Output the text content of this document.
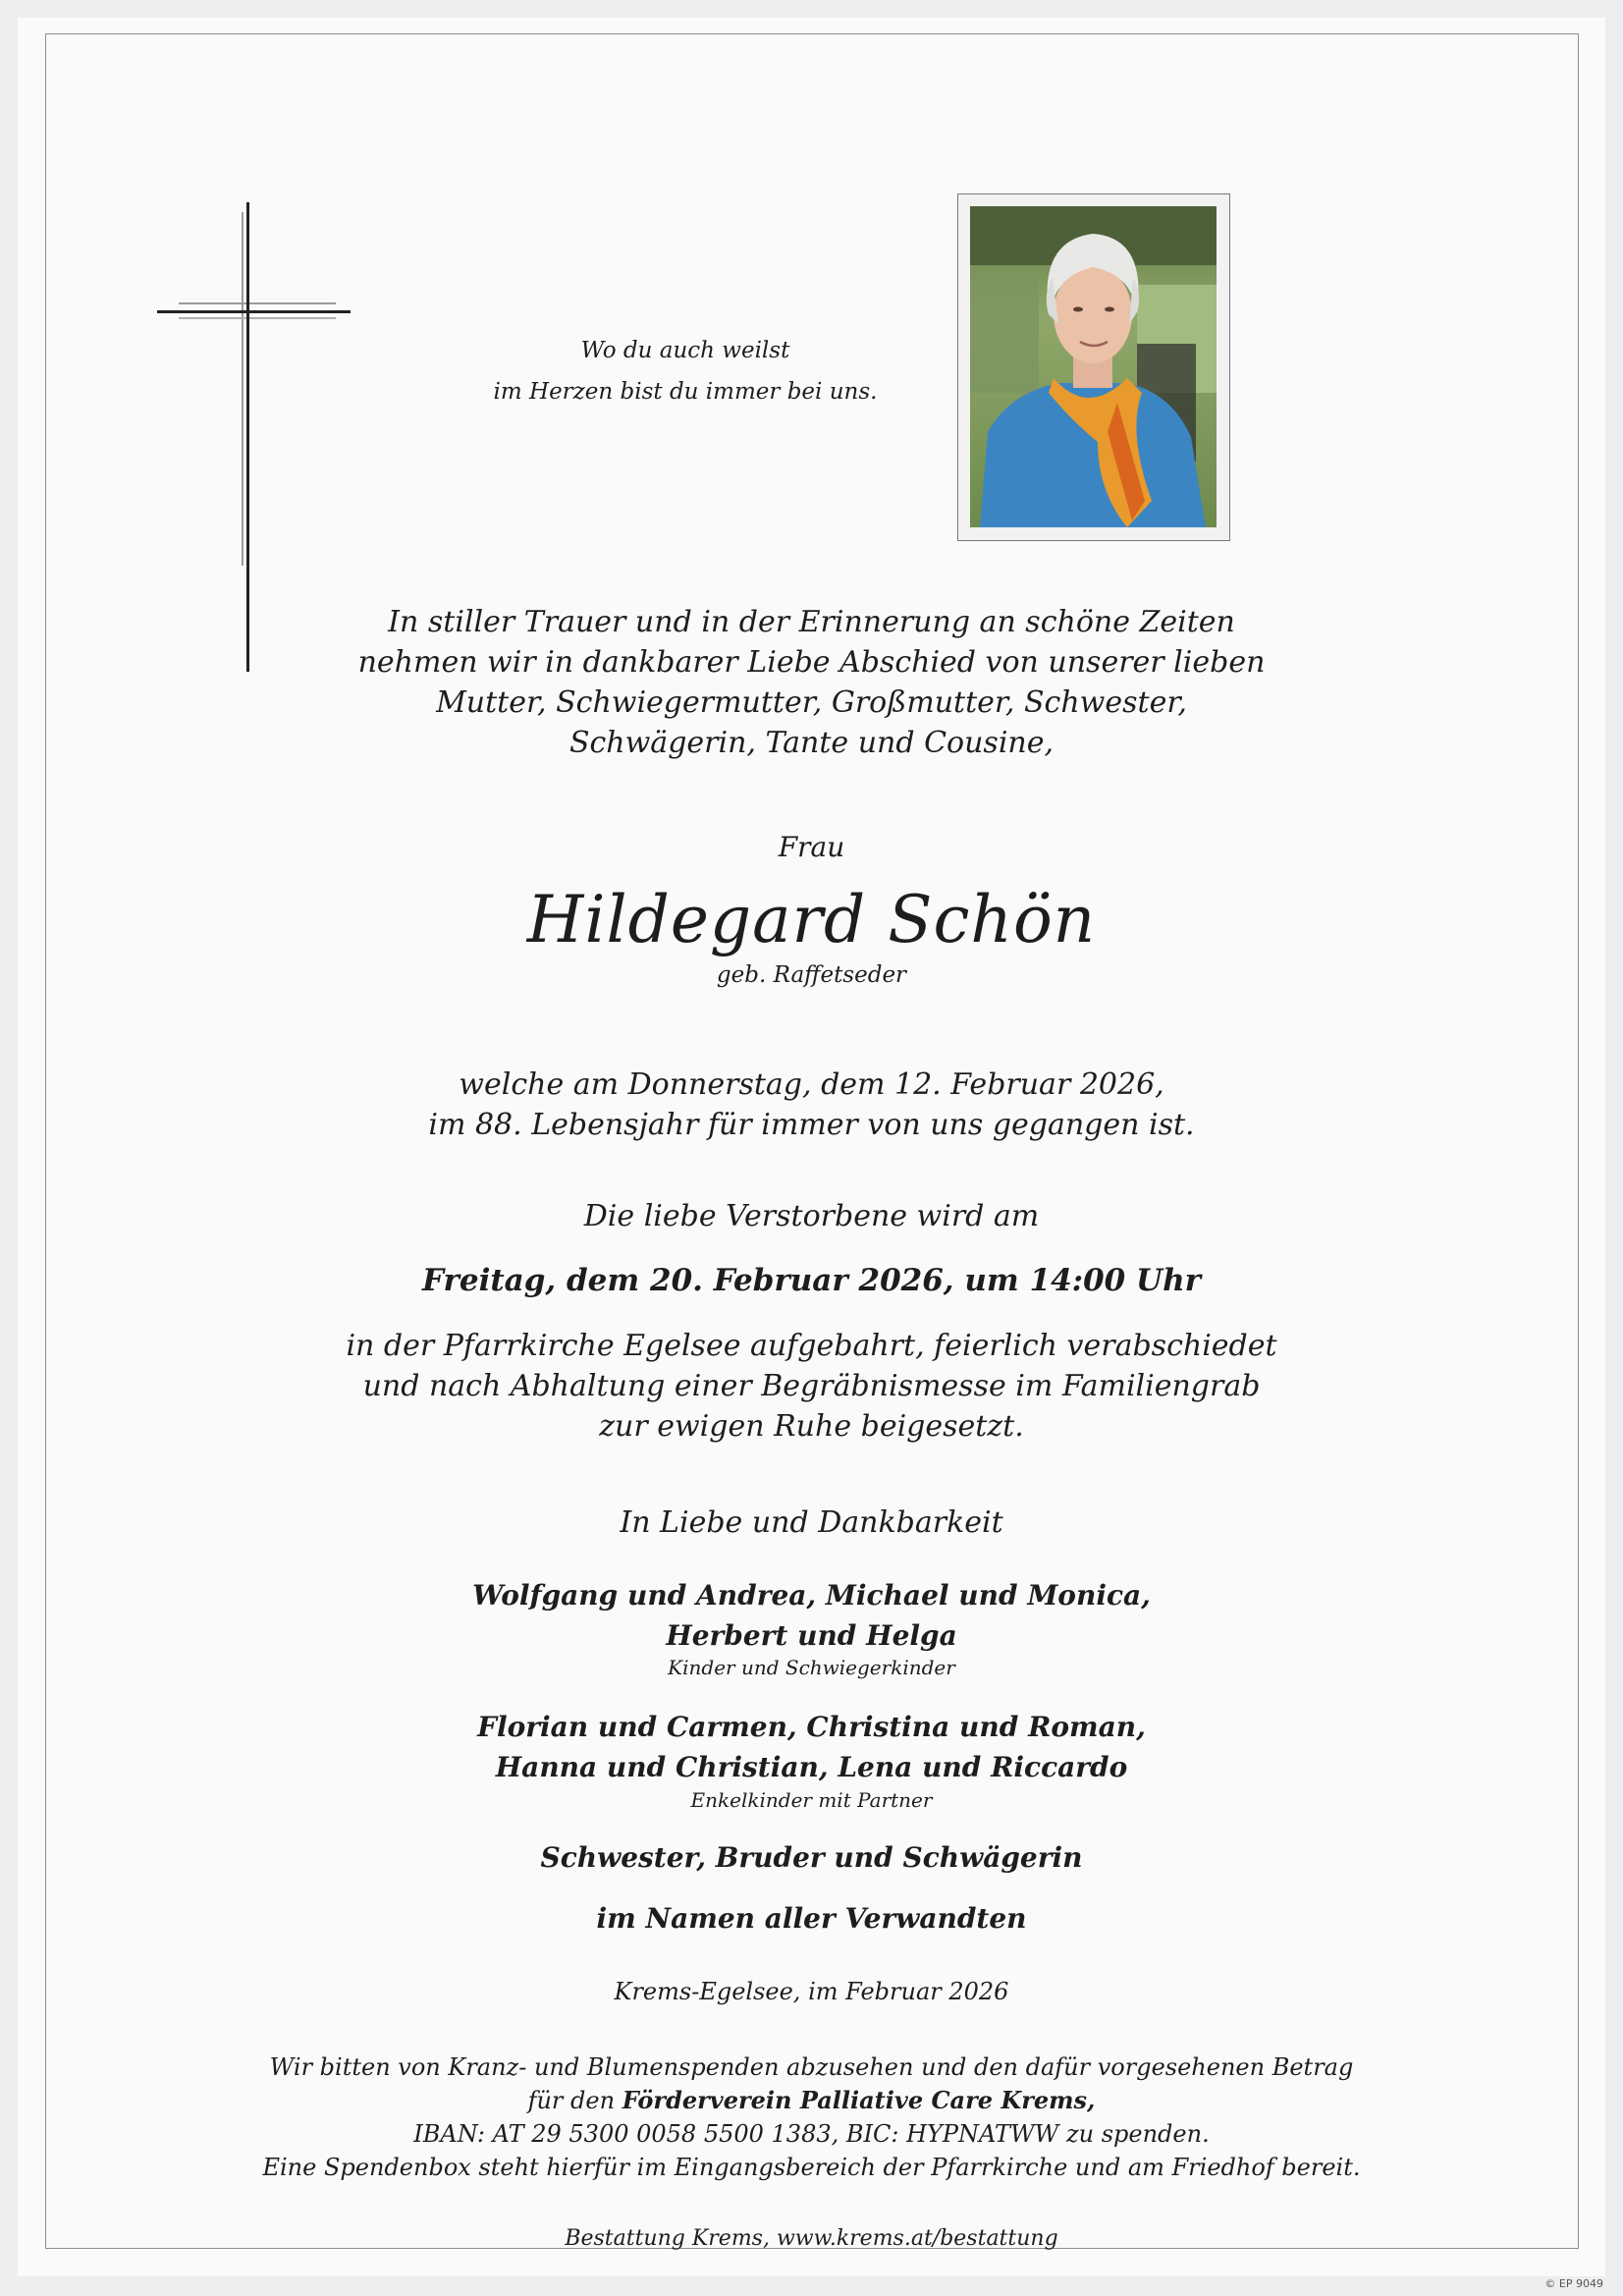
Wo du auch weilst
im Herzen bist du immer bei uns.
In stiller Trauer und in der Erinnerung an schöne Zeiten
nehmen wir in dankbarer Liebe Abschied von unserer lieben
Mutter, Schwiegermutter, Großmutter, Schwester,
Schwägerin, Tante und Cousine,
Frau
Hildegard Schön
geb. Raffetseder
welche am Donnerstag, dem 12. Februar 2026,
im 88. Lebensjahr für immer von uns gegangen ist.
Die liebe Verstorbene wird am
Freitag, dem 20. Februar 2026, um 14:00 Uhr
in der Pfarrkirche Egelsee aufgebahrt, feierlich verabschiedet
und nach Abhaltung einer Begräbnismesse im Familiengrab
zur ewigen Ruhe beigesetzt.
In Liebe und Dankbarkeit
Wolfgang und Andrea, Michael und Monica,
Herbert und Helga
Kinder und Schwiegerkinder
Florian und Carmen, Christina und Roman,
Hanna und Christian, Lena und Riccardo
Enkelkinder mit Partner
Schwester, Bruder und Schwägerin
im Namen aller Verwandten
Krems-Egelsee, im Februar 2026
Wir bitten von Kranz- und Blumenspenden abzusehen und den dafür vorgesehenen Betrag
für den Förderverein Palliative Care Krems,
IBAN: AT 29 5300 0058 5500 1383, BIC: HYPNATWW zu spenden.
Eine Spendenbox steht hierfür im Eingangsbereich der Pfarrkirche und am Friedhof bereit.
Bestattung Krems, www.krems.at/bestattung
© EP 9049
